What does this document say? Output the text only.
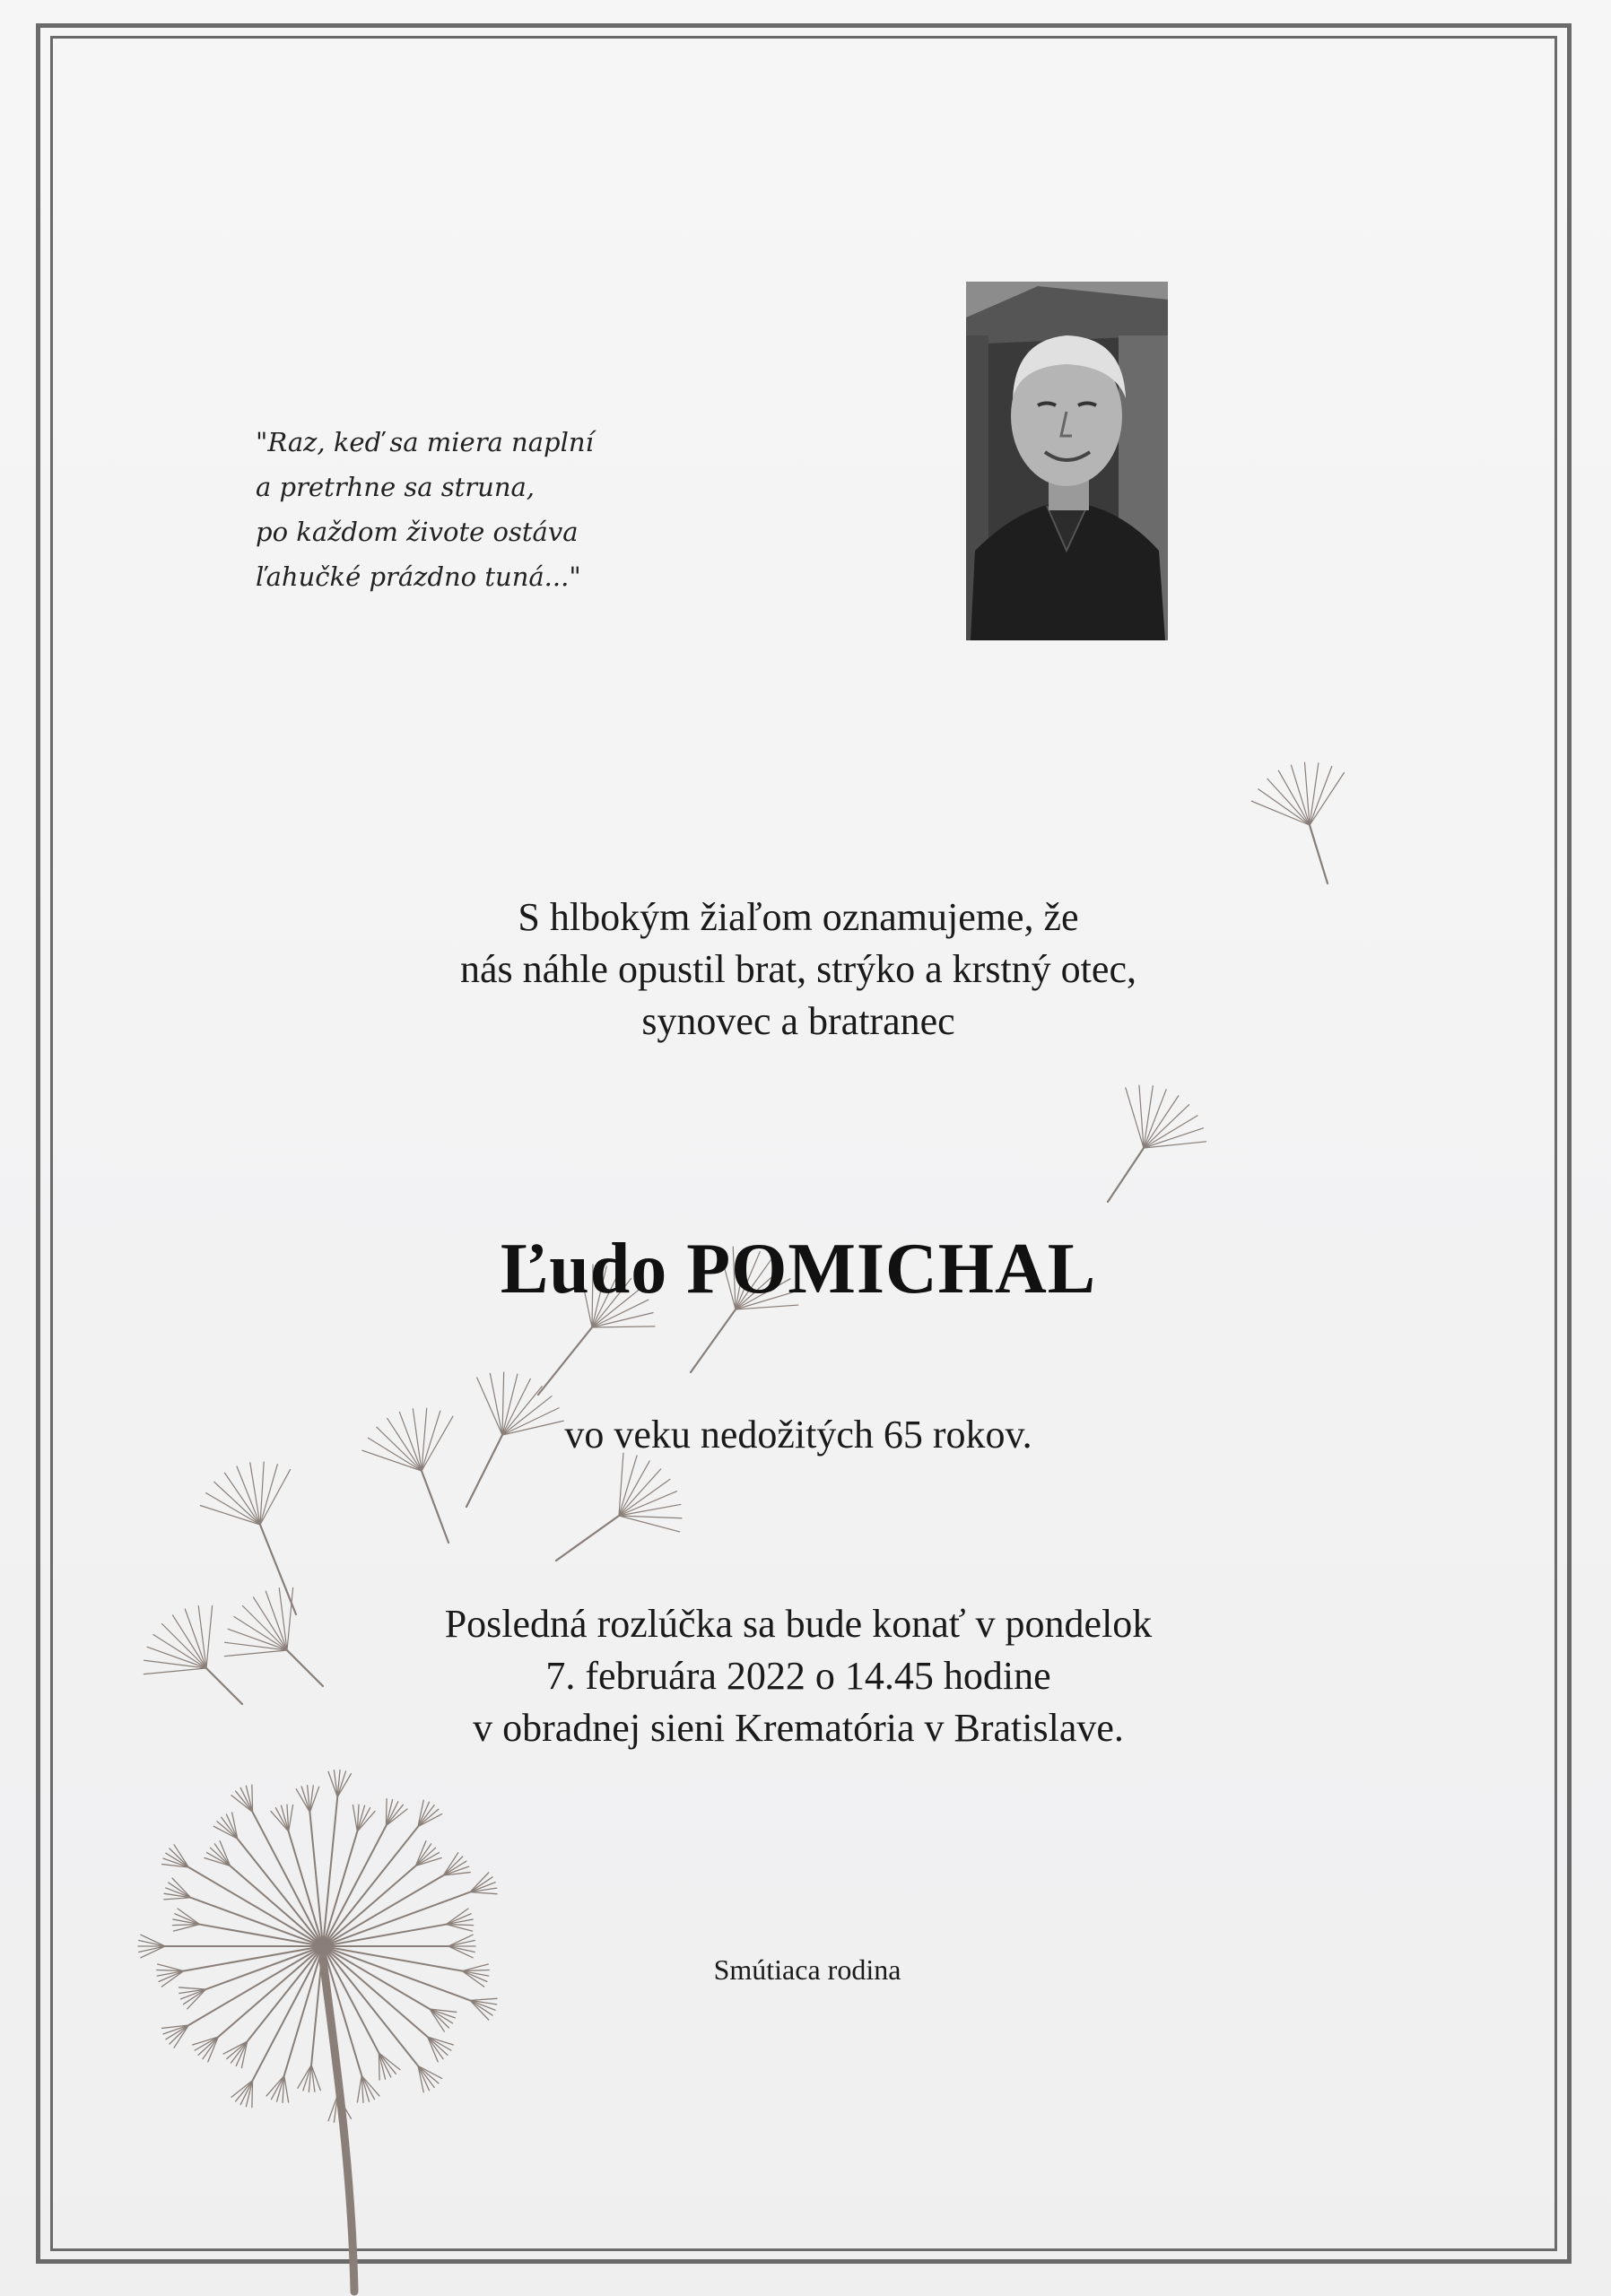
"Raz, keď sa miera naplní
a pretrhne sa struna,
po každom živote ostáva
ľahučké prázdno tuná..."
S hlbokým žiaľom oznamujeme, že
nás náhle opustil brat, strýko a krstný otec,
synovec a bratranec
Ľudo POMICHAL
vo veku nedožitých 65 rokov.
Posledná rozlúčka sa bude konať v pondelok
7. februára 2022 o 14.45 hodine
v obradnej sieni Krematória v Bratislave.
Smútiaca rodina
